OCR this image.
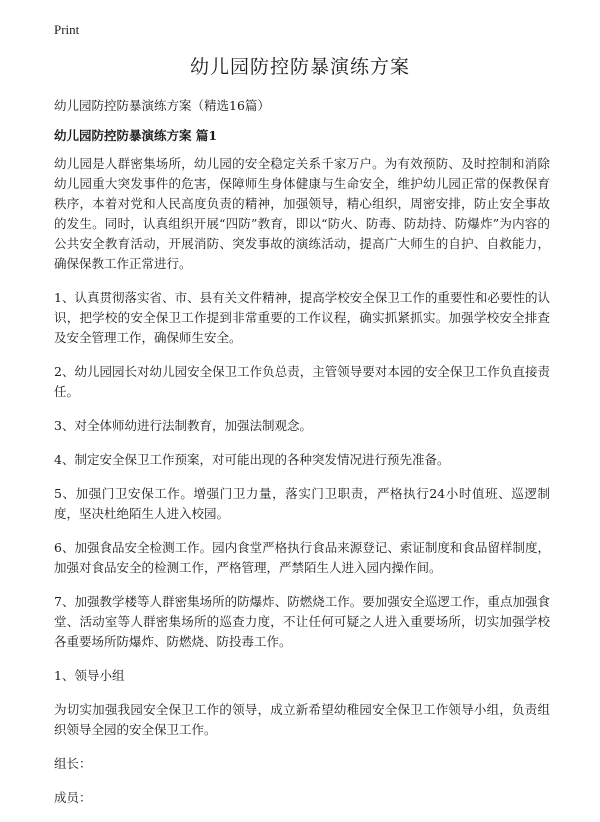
Print
幼儿园防控防暴演练方案

幼儿园防控防暴演练方案（精选16篇）

幼儿园防控防暴演练方案 篇1

幼儿园是人群密集场所，幼儿园的安全稳定关系千家万户。为有效预防、及时控制和消除幼儿园重大突发事件的危害，保障师生身体健康与生命安全，维护幼儿园正常的保教保育秩序，本着对党和人民高度负责的精神，加强领导，精心组织，周密安排，防止安全事故的发生。同时，认真组织开展“四防”教育，即以“防火、防毒、防劫持、防爆炸”为内容的公共安全教育活动，开展消防、突发事故的演练活动，提高广大师生的自护、自救能力，确保保教工作正常进行。

1、认真贯彻落实省、市、县有关文件精神，提高学校安全保卫工作的重要性和必要性的认识，把学校的安全保卫工作提到非常重要的工作议程，确实抓紧抓实。加强学校安全排查及安全管理工作，确保师生安全。

2、幼儿园园长对幼儿园安全保卫工作负总责，主管领导要对本园的安全保卫工作负直接责任。

3、对全体师幼进行法制教育，加强法制观念。

4、制定安全保卫工作预案，对可能出现的各种突发情况进行预先准备。

5、加强门卫安保工作。增强门卫力量，落实门卫职责，严格执行24小时值班、巡逻制度，坚决杜绝陌生人进入校园。

6、加强食品安全检测工作。园内食堂严格执行食品来源登记、索证制度和食品留样制度，加强对食品安全的检测工作，严格管理，严禁陌生人进入园内操作间。

7、加强教学楼等人群密集场所的防爆炸、防燃烧工作。要加强安全巡逻工作，重点加强食堂、活动室等人群密集场所的巡查力度，不让任何可疑之人进入重要场所，切实加强学校各重要场所防爆炸、防燃烧、防投毒工作。

1、领导小组

为切实加强我园安全保卫工作的领导，成立新希望幼稚园安全保卫工作领导小组，负责组织领导全园的安全保卫工作。

组长：

成员：
